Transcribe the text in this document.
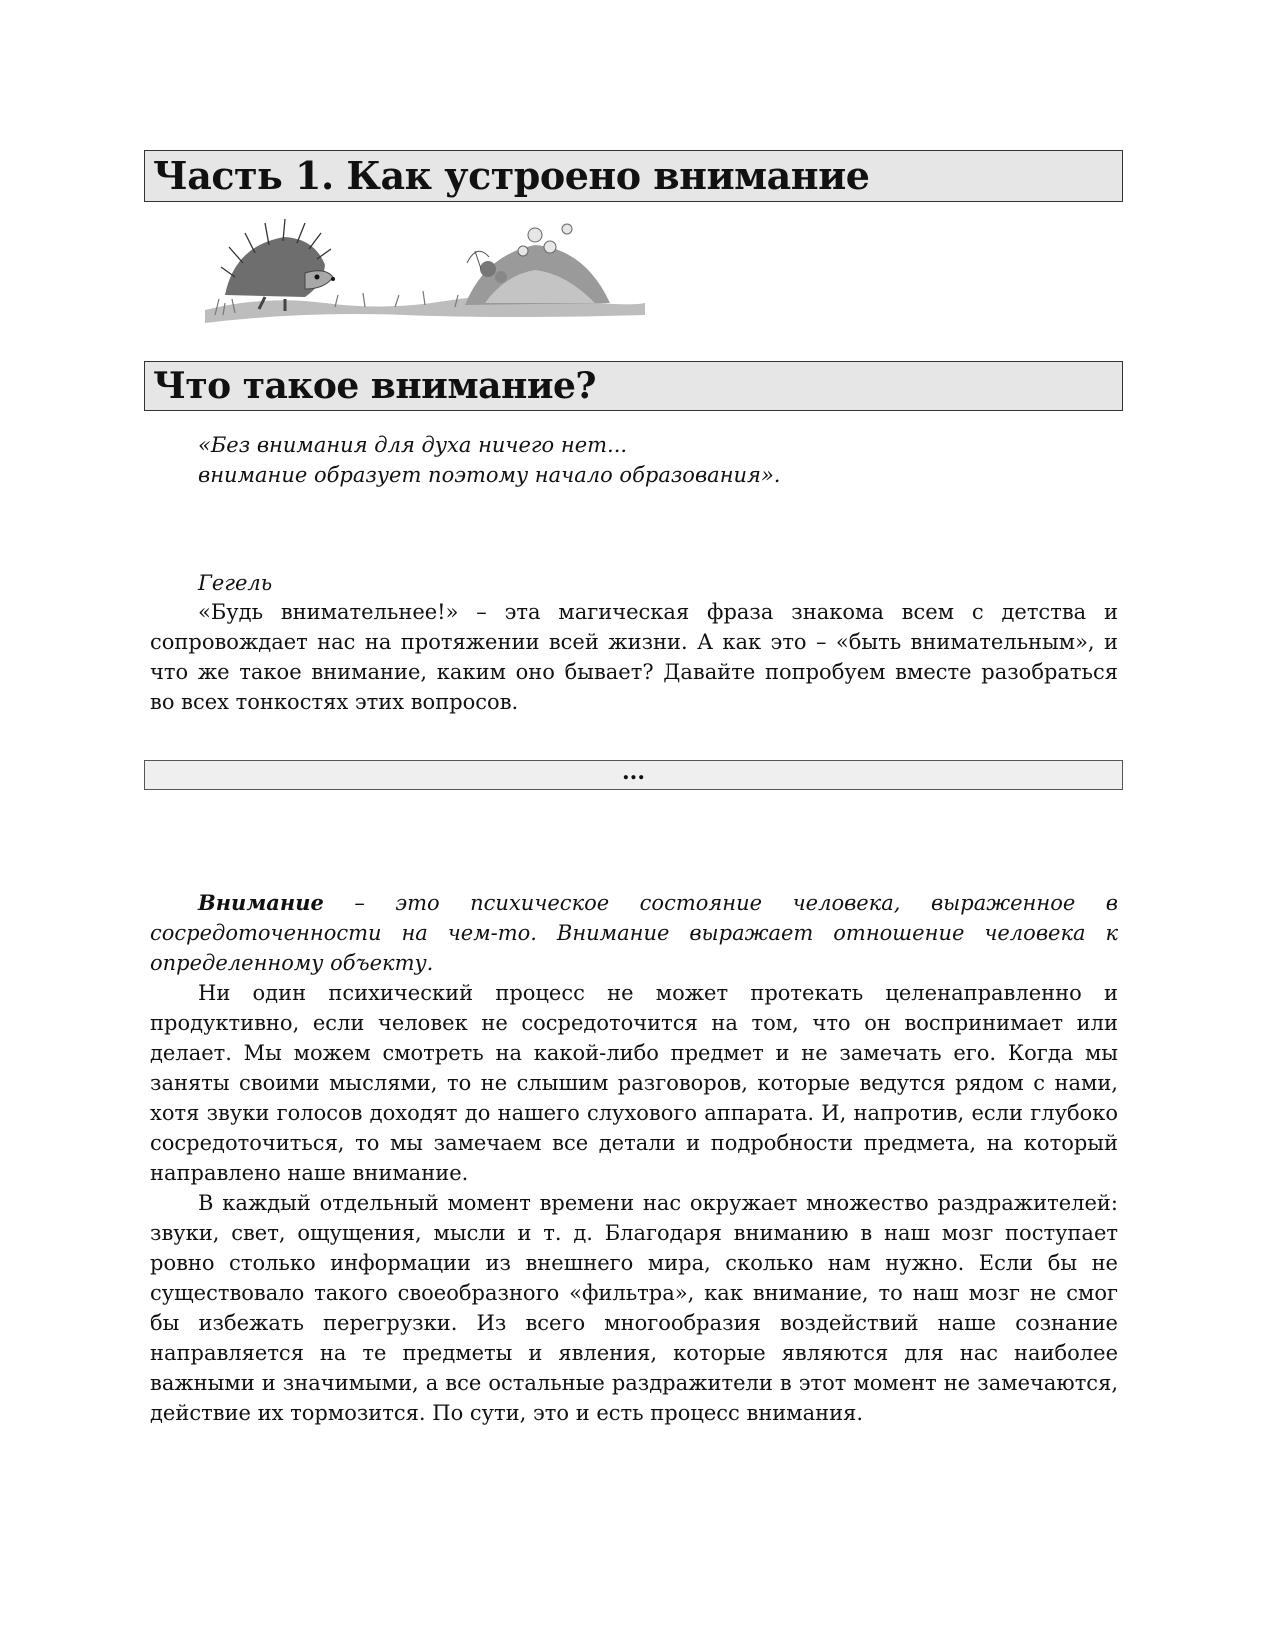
Часть 1. Как устроено внимание
Что такое внимание?
«Без внимания для духа ничего нет...
внимание образует поэтому начало образования».
Гегель

«Будь внимательнее!» – эта магическая фраза знакома всем с детства и сопровождает нас на протяжении всей жизни. А как это – «быть внимательным», и что же такое внимание, каким оно бывает? Давайте попробуем вместе разобраться во всех тонкостях этих вопросов.

...

Внимание – это психическое состояние человека, выраженное в сосредоточенности на чем-то. Внимание выражает отношение человека к определенному объекту.

Ни один психический процесс не может протекать целенаправленно и продуктивно, если человек не сосредоточится на том, что он воспринимает или делает. Мы можем смотреть на какой-либо предмет и не замечать его. Когда мы заняты своими мыслями, то не слышим разговоров, которые ведутся рядом с нами, хотя звуки голосов доходят до нашего слухового аппарата. И, напротив, если глубоко сосредоточиться, то мы замечаем все детали и подробности предмета, на который направлено наше внимание.

В каждый отдельный момент времени нас окружает множество раздражителей: звуки, свет, ощущения, мысли и т. д. Благодаря вниманию в наш мозг поступает ровно столько информации из внешнего мира, сколько нам нужно. Если бы не существовало такого своеобразного «фильтра», как внимание, то наш мозг не смог бы избежать перегрузки. Из всего многообразия воздействий наше сознание направляется на те предметы и явления, которые являются для нас наиболее важными и значимыми, а все остальные раздражители в этот момент не замечаются, действие их тормозится. По сути, это и есть процесс внимания.
